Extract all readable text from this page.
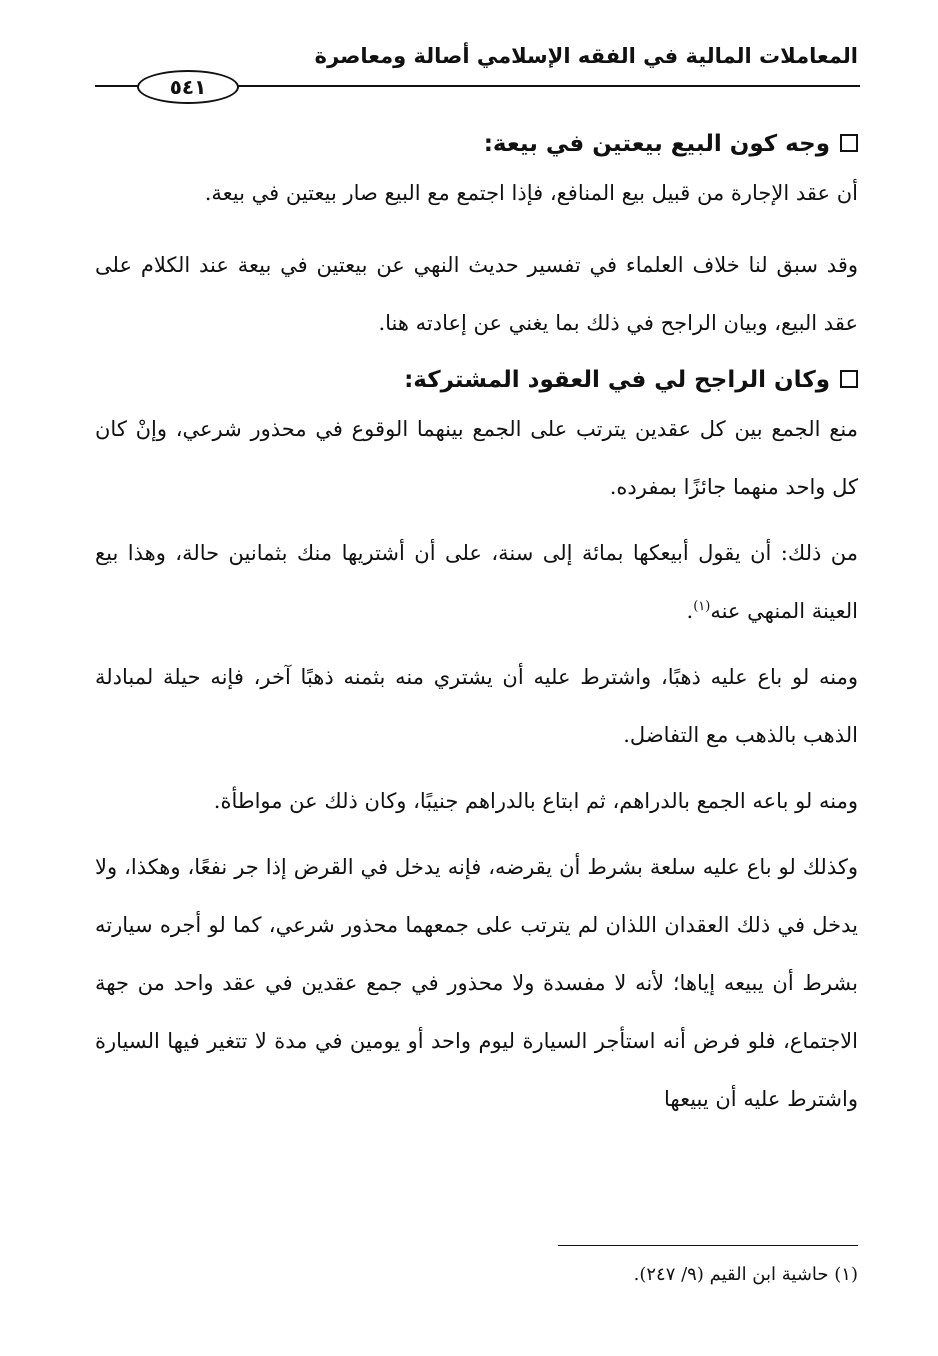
المعاملات المالية في الفقه الإسلامي أصالة ومعاصرة
٥٤١
وجه كون البيع بيعتين في بيعة:

أن عقد الإجارة من قبيل بيع المنافع، فإذا اجتمع مع البيع صار بيعتين في بيعة.

وقد سبق لنا خلاف العلماء في تفسير حديث النهي عن بيعتين في بيعة عند الكلام على عقد البيع، وبيان الراجح في ذلك بما يغني عن إعادته هنا.

وكان الراجح لي في العقود المشتركة:

منع الجمع بين كل عقدين يترتب على الجمع بينهما الوقوع في محذور شرعي، وإنْ كان كل واحد منهما جائزًا بمفرده.

من ذلك: أن يقول أبيعكها بمائة إلى سنة، على أن أشتريها منك بثمانين حالة، وهذا بيع العينة المنهي عنه$^{(١)}$.

ومنه لو باع عليه ذهبًا، واشترط عليه أن يشتري منه بثمنه ذهبًا آخر، فإنه حيلة لمبادلة الذهب بالذهب مع التفاضل.

ومنه لو باعه الجمع بالدراهم، ثم ابتاع بالدراهم جنيبًا، وكان ذلك عن مواطأة.

وكذلك لو باع عليه سلعة بشرط أن يقرضه، فإنه يدخل في القرض إذا جر نفعًا، وهكذا، ولا يدخل في ذلك العقدان اللذان لم يترتب على جمعهما محذور شرعي، كما لو أجره سيارته بشرط أن يبيعه إياها؛ لأنه لا مفسدة ولا محذور في جمع عقدين في عقد واحد من جهة الاجتماع، فلو فرض أنه استأجر السيارة ليوم واحد أو يومين في مدة لا تتغير فيها السيارة واشترط عليه أن يبيعها

(١) حاشية ابن القيم (٩/ ٢٤٧).
